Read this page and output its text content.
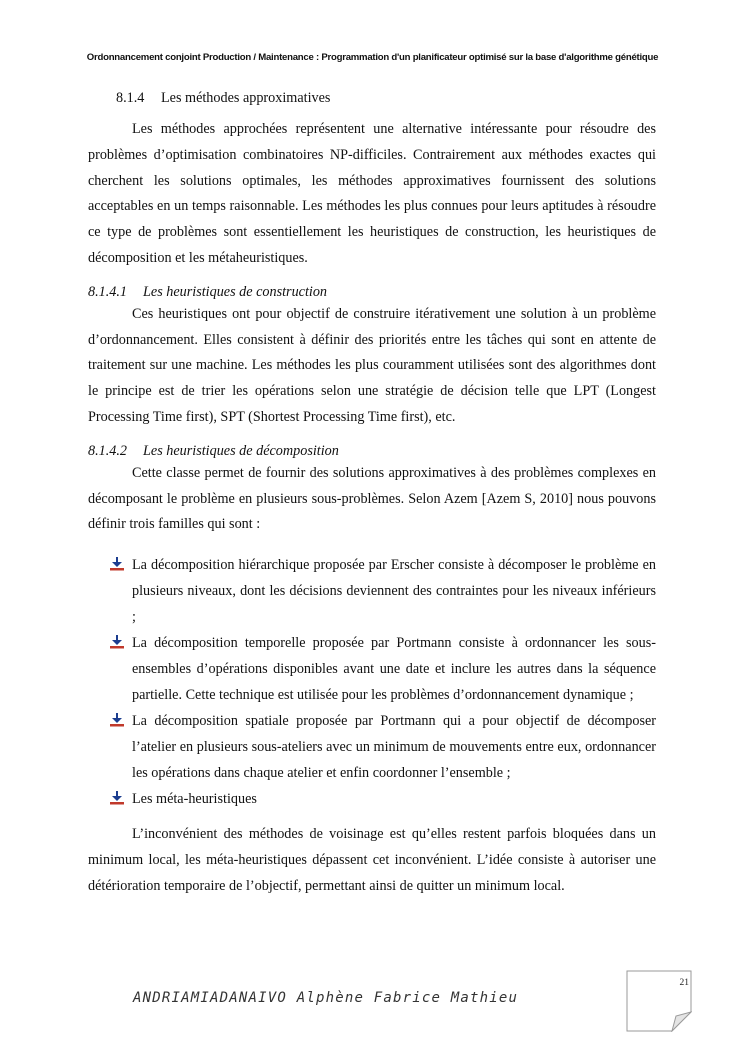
Ordonnancement conjoint Production / Maintenance : Programmation d'un planificateur optimisé sur la base d'algorithme génétique
8.1.4 Les méthodes approximatives

Les méthodes approchées représentent une alternative intéressante pour résoudre des problèmes d’optimisation combinatoires NP-difficiles. Contrairement aux méthodes exactes qui cherchent les solutions optimales, les méthodes approximatives fournissent des solutions acceptables en un temps raisonnable. Les méthodes les plus connues pour leurs aptitudes à résoudre ce type de problèmes sont essentiellement les heuristiques de construction, les heuristiques de décomposition et les métaheuristiques.

8.1.4.1 Les heuristiques de construction

Ces heuristiques ont pour objectif de construire itérativement une solution à un problème d’ordonnancement. Elles consistent à définir des priorités entre les tâches qui sont en attente de traitement sur une machine. Les méthodes les plus couramment utilisées sont des algorithmes dont le principe est de trier les opérations selon une stratégie de décision telle que LPT (Longest Processing Time first), SPT (Shortest Processing Time first), etc.

8.1.4.2 Les heuristiques de décomposition

Cette classe permet de fournir des solutions approximatives à des problèmes complexes en décomposant le problème en plusieurs sous-problèmes. Selon Azem [Azem S, 2010] nous pouvons définir trois familles qui sont :

La décomposition hiérarchique proposée par Erscher consiste à décomposer le problème en plusieurs niveaux, dont les décisions deviennent des contraintes pour les niveaux inférieurs ;
La décomposition temporelle proposée par Portmann consiste à ordonnancer les sous-ensembles d’opérations disponibles avant une date et inclure les autres dans la séquence partielle. Cette technique est utilisée pour les problèmes d’ordonnancement dynamique ;
La décomposition spatiale proposée par Portmann qui a pour objectif de décomposer l’atelier en plusieurs sous-ateliers avec un minimum de mouvements entre eux, ordonnancer les opérations dans chaque atelier et enfin coordonner l’ensemble ;
Les méta-heuristiques

L’inconvénient des méthodes de voisinage est qu’elles restent parfois bloquées dans un minimum local, les méta-heuristiques dépassent cet inconvénient. L’idée consiste à autoriser une détérioration temporaire de l’objectif, permettant ainsi de quitter un minimum local.

ANDRIAMIADANAIVO Alphène Fabrice Mathieu
21
